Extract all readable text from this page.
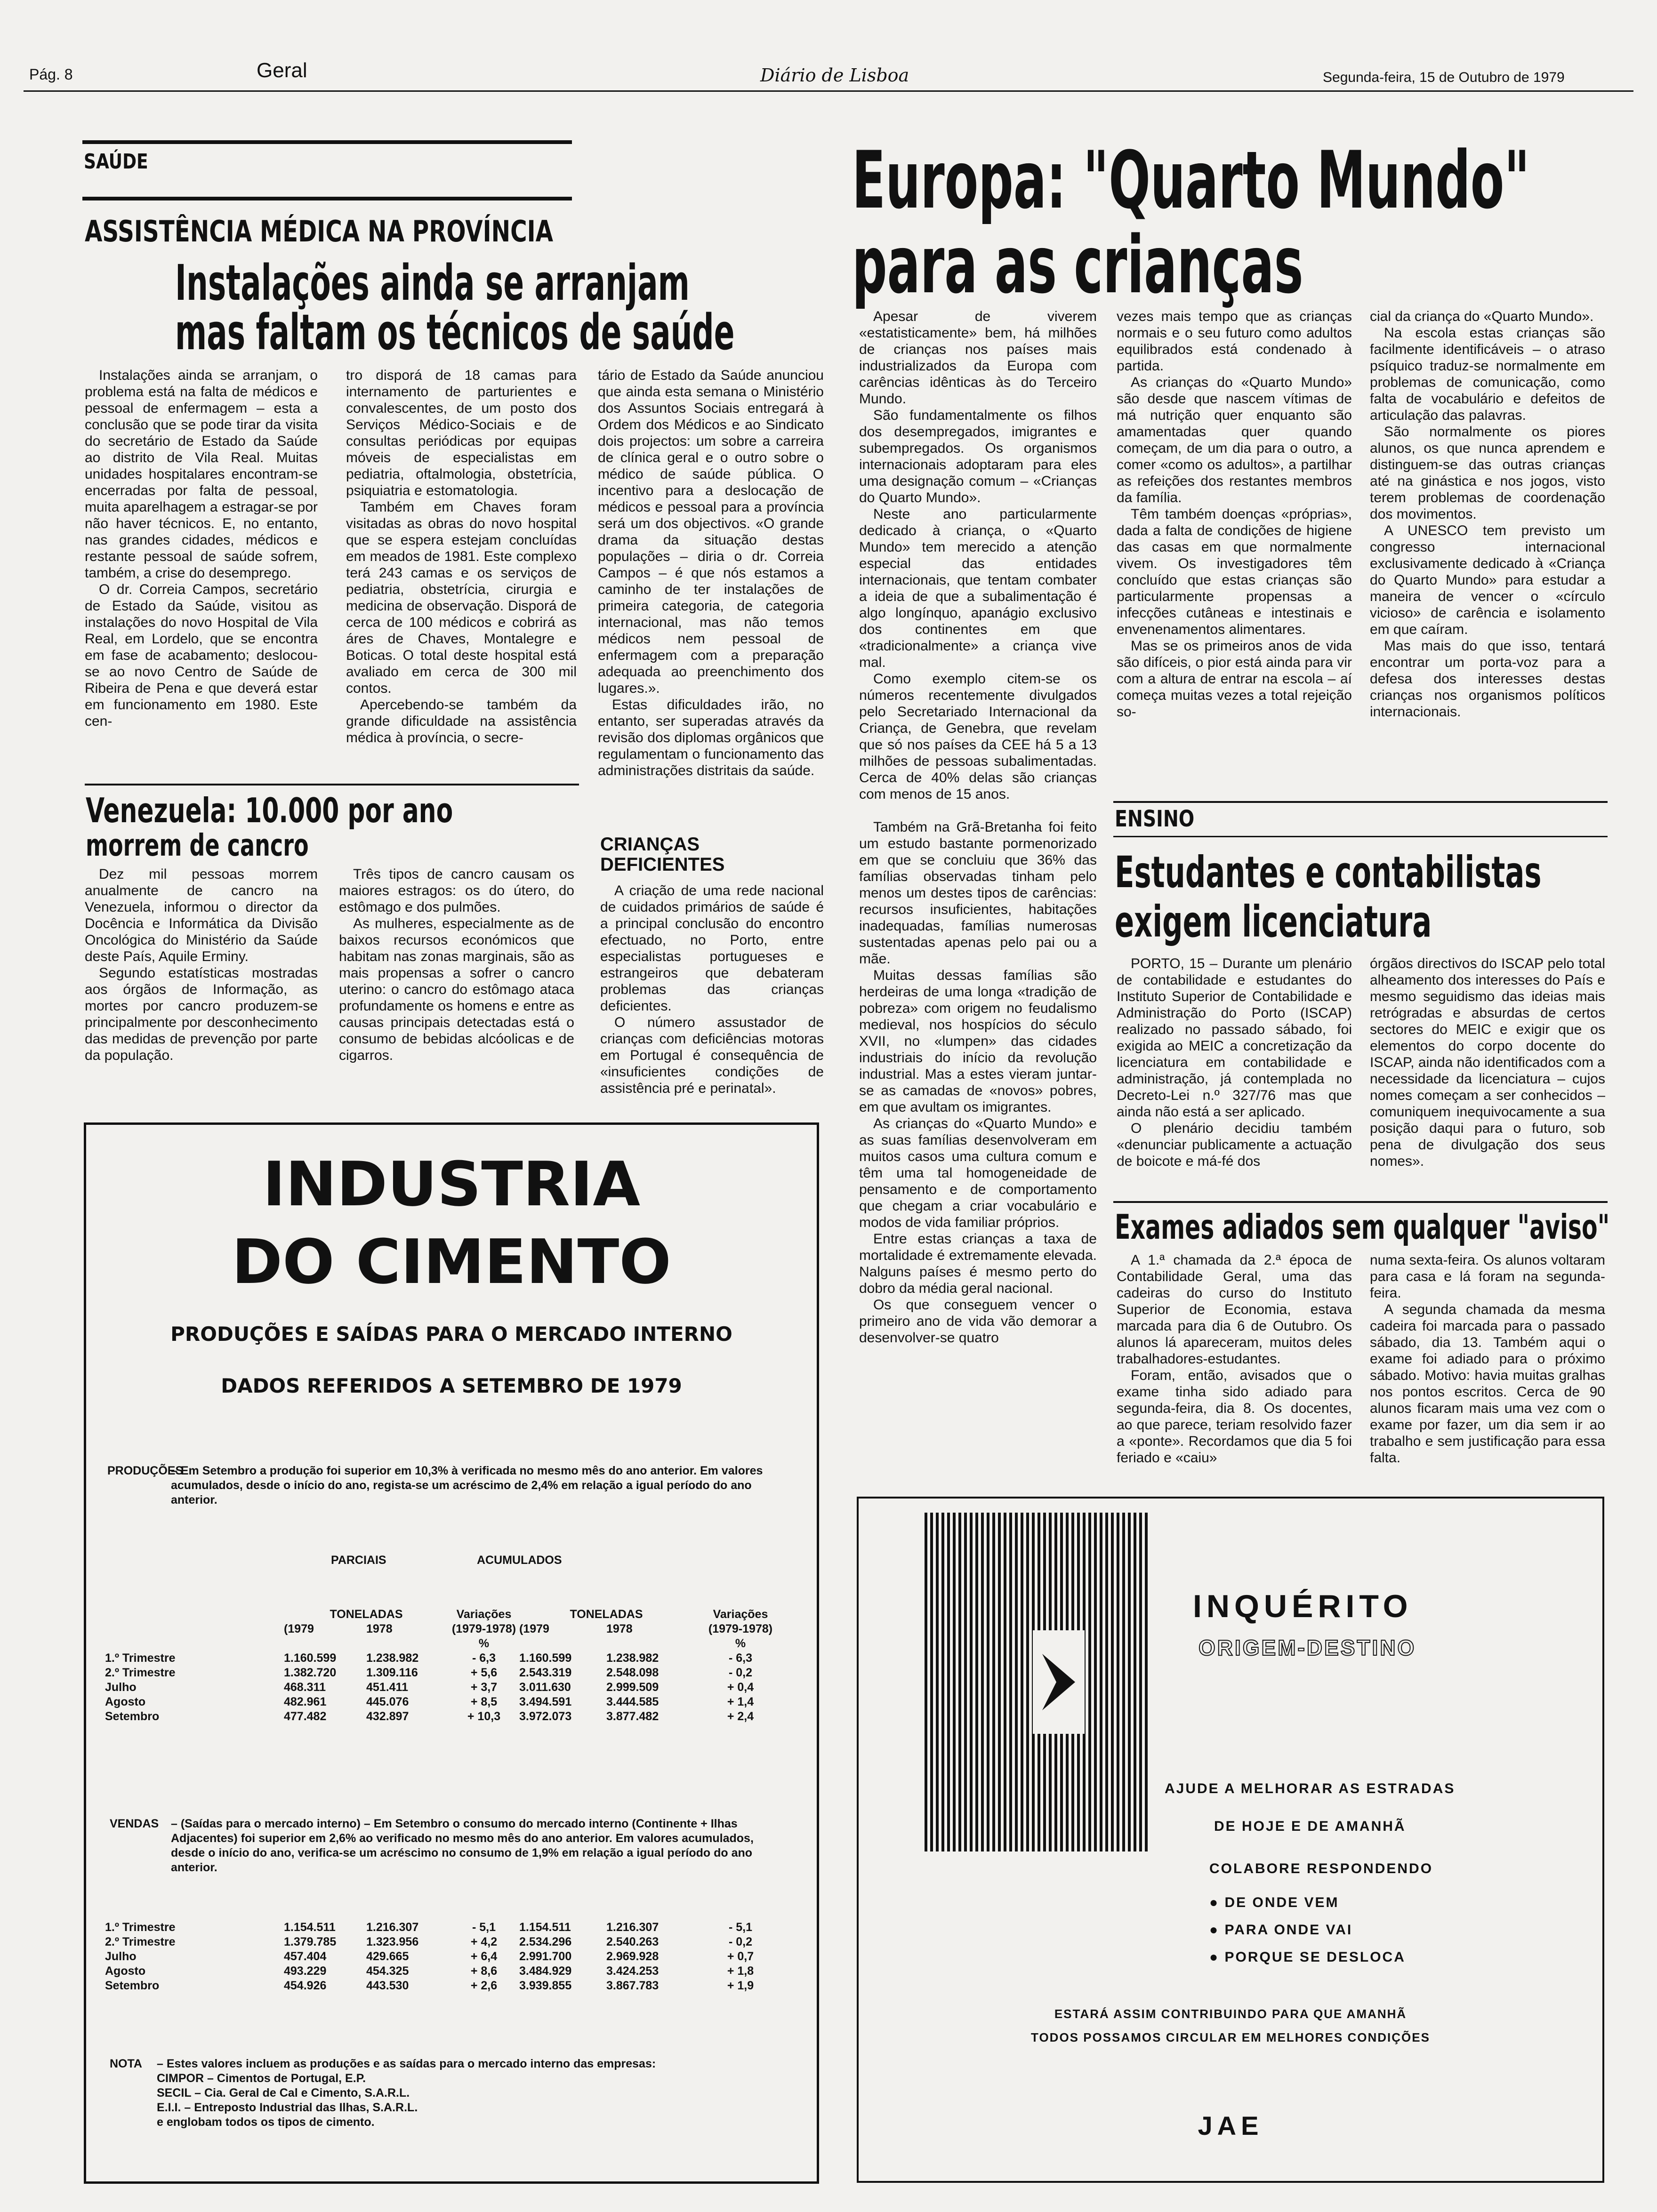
Pág. 8	Geral	Diário de Lisboa	Segunda-feira, 15 de Outubro de 1979
SAÚDE
ASSISTÊNCIA MÉDICA NA PROVÍNCIA
Instalações ainda se arranjam
mas faltam os técnicos de saúde

Instalações ainda se arranjam, o problema está na falta de médicos e pessoal de enfermagem – esta a conclusão que se pode tirar da visita do secretário de Estado da Saúde ao distrito de Vila Real. Muitas unidades hospitalares encontram-se encerradas por falta de pessoal, muita aparelhagem a estragar-se por não haver técnicos. E, no entanto, nas grandes cidades, médicos e restante pessoal de saúde sofrem, também, a crise do desemprego.

O dr. Correia Campos, secretário de Estado da Saúde, visitou as instalações do novo Hospital de Vila Real, em Lordelo, que se encontra em fase de acabamento; deslocou-se ao novo Centro de Saúde de Ribeira de Pena e que deverá estar em funcionamento em 1980. Este cen-

tro disporá de 18 camas para internamento de parturientes e convalescentes, de um posto dos Serviços Médico-Sociais e de consultas periódicas por equipas móveis de especialistas em pediatria, oftalmologia, obstetrícia, psiquiatria e estomatologia.

Também em Chaves foram visitadas as obras do novo hospital que se espera estejam concluídas em meados de 1981. Este complexo terá 243 camas e os serviços de pediatria, obstetrícia, cirurgia e medicina de observação. Disporá de cerca de 100 médicos e cobrirá as áres de Chaves, Montalegre e Boticas. O total deste hospital está avaliado em cerca de 300 mil contos.

Apercebendo-se também da grande dificuldade na assistência médica à província, o secre-

tário de Estado da Saúde anunciou que ainda esta semana o Ministério dos Assuntos Sociais entregará à Ordem dos Médicos e ao Sindicato dois projectos: um sobre a carreira de clínica geral e o outro sobre o médico de saúde pública. O incentivo para a deslocação de médicos e pessoal para a província será um dos objectivos. «O grande drama da situação destas populações – diria o dr. Correia Campos – é que nós estamos a caminho de ter instalações de primeira categoria, de categoria internacional, mas não temos médicos nem pessoal de enfermagem com a preparação adequada ao preenchimento dos lugares.».

Estas dificuldades irão, no entanto, ser superadas através da revisão dos diplomas orgânicos que regulamentam o funcionamento das administrações distritais da saúde.

Venezuela: 10.000 por ano
morrem de cancro

Dez mil pessoas morrem anualmente de cancro na Venezuela, informou o director da Docência e Informática da Divisão Oncológica do Ministério da Saúde deste País, Aquile Erminy.

Segundo estatísticas mostradas aos órgãos de Informação, as mortes por cancro produzem-se principalmente por desconhecimento das medidas de prevenção por parte da população.

Três tipos de cancro causam os maiores estragos: os do útero, do estômago e dos pulmões.

As mulheres, especialmente as de baixos recursos económicos que habitam nas zonas marginais, são as mais propensas a sofrer o cancro uterino: o cancro do estômago ataca profundamente os homens e entre as causas principais detectadas está o consumo de bebidas alcóolicas e de cigarros.

CRIANÇAS
DEFICIENTES

A criação de uma rede nacional de cuidados primários de saúde é a principal conclusão do encontro efectuado, no Porto, entre especialistas portugueses e estrangeiros que debateram problemas das crianças deficientes.

O número assustador de crianças com deficiências motoras em Portugal é consequência de «insuficientes condições de assistência pré e perinatal».

Europa: "Quarto Mundo"
para as crianças

Apesar de viverem «estatisticamente» bem, há milhões de crianças nos países mais industrializados da Europa com carências idênticas às do Terceiro Mundo.

São fundamentalmente os filhos dos desempregados, imigrantes e subempregados. Os organismos internacionais adoptaram para eles uma designação comum – «Crianças do Quarto Mundo».

Neste ano particularmente dedicado à criança, o «Quarto Mundo» tem merecido a atenção especial das entidades internacionais, que tentam combater a ideia de que a subalimentação é algo longínquo, apanágio exclusivo dos continentes em que «tradicionalmente» a criança vive mal.

Como exemplo citem-se os números recentemente divulgados pelo Secretariado Internacional da Criança, de Genebra, que revelam que só nos países da CEE há 5 a 13 milhões de pessoas subalimentadas. Cerca de 40% delas são crianças com menos de 15 anos.

Também na Grã-Bretanha foi feito um estudo bastante pormenorizado em que se concluiu que 36% das famílias observadas tinham pelo menos um destes tipos de carências: recursos insuficientes, habitações inadequadas, famílias numerosas sustentadas apenas pelo pai ou a mãe.

Muitas dessas famílias são herdeiras de uma longa «tradição de pobreza» com origem no feudalismo medieval, nos hospícios do século XVII, no «lumpen» das cidades industriais do início da revolução industrial. Mas a estes vieram juntar-se as camadas de «novos» pobres, em que avultam os imigrantes.

As crianças do «Quarto Mundo» e as suas famílias desenvolveram em muitos casos uma cultura comum e têm uma tal homogeneidade de pensamento e de comportamento que chegam a criar vocabulário e modos de vida familiar próprios.

Entre estas crianças a taxa de mortalidade é extremamente elevada. Nalguns países é mesmo perto do dobro da média geral nacional.

Os que conseguem vencer o primeiro ano de vida vão demorar a desenvolver-se quatro

vezes mais tempo que as crianças normais e o seu futuro como adultos equilibrados está condenado à partida.

As crianças do «Quarto Mundo» são desde que nascem vítimas de má nutrição quer enquanto são amamentadas quer quando começam, de um dia para o outro, a comer «como os adultos», a partilhar as refeições dos restantes membros da família.

Têm também doenças «próprias», dada a falta de condições de higiene das casas em que normalmente vivem. Os investigadores têm concluído que estas crianças são particularmente propensas a infecções cutâneas e intestinais e envenenamentos alimentares.

Mas se os primeiros anos de vida são difíceis, o pior está ainda para vir com a altura de entrar na escola – aí começa muitas vezes a total rejeição so-

cial da criança do «Quarto Mundo».

Na escola estas crianças são facilmente identificáveis – o atraso psíquico traduz-se normalmente em problemas de comunicação, como falta de vocabulário e defeitos de articulação das palavras.

São normalmente os piores alunos, os que nunca aprendem e distinguem-se das outras crianças até na ginástica e nos jogos, visto terem problemas de coordenação dos movimentos.

A UNESCO tem previsto um congresso internacional exclusivamente dedicado à «Criança do Quarto Mundo» para estudar a maneira de vencer o «círculo vicioso» de carência e isolamento em que caíram.

Mas mais do que isso, tentará encontrar um porta-voz para a defesa dos interesses destas crianças nos organismos políticos internacionais.

ENSINO
Estudantes e contabilistas
exigem licenciatura

PORTO, 15 – Durante um plenário de contabilidade e estudantes do Instituto Superior de Contabilidade e Administração do Porto (ISCAP) realizado no passado sábado, foi exigida ao MEIC a concretização da licenciatura em contabilidade e administração, já contemplada no Decreto-Lei n.º 327/76 mas que ainda não está a ser aplicado.

O plenário decidiu também «denunciar publicamente a actuação de boicote e má-fé dos

órgãos directivos do ISCAP pelo total alheamento dos interesses do País e mesmo seguidismo das ideias mais retrógradas e absurdas de certos sectores do MEIC e exigir que os elementos do corpo docente do ISCAP, ainda não identificados com a necessidade da licenciatura – cujos nomes começam a ser conhecidos – comuniquem inequivocamente a sua posição daqui para o futuro, sob pena de divulgação dos seus nomes».

Exames adiados sem qualquer "aviso"

A 1.ª chamada da 2.ª época de Contabilidade Geral, uma das cadeiras do curso do Instituto Superior de Economia, estava marcada para dia 6 de Outubro. Os alunos lá apareceram, muitos deles trabalhadores-estudantes.

Foram, então, avisados que o exame tinha sido adiado para segunda-feira, dia 8. Os docentes, ao que parece, teriam resolvido fazer a «ponte». Recordamos que dia 5 foi feriado e «caiu»

numa sexta-feira. Os alunos voltaram para casa e lá foram na segunda-feira.

A segunda chamada da mesma cadeira foi marcada para o passado sábado, dia 13. Também aqui o exame foi adiado para o próximo sábado. Motivo: havia muitas gralhas nos pontos escritos. Cerca de 90 alunos ficaram mais uma vez com o exame por fazer, um dia sem ir ao trabalho e sem justificação para essa falta.

INDUSTRIA
DO CIMENTO
PRODUÇÕES E SAÍDAS PARA O MERCADO INTERNO
DADOS REFERIDOS A SETEMBRO DE 1979
PRODUÇÕES
– Em Setembro a produção foi superior em 10,3% à verificada no mesmo mês do ano anterior. Em valores acumulados, desde o início do ano, regista-se um acréscimo de 2,4% em relação a igual período do ano anterior.
PARCIAIS	ACUMULADOS
TONELADAS	Variações	TONELADAS	Variações
(1979	1978	(1979-1978) (1979	1978	(1979-1978)
%	%
1.º Trimestre	1.160.599	1.238.982	- 6,3	1.160.599	1.238.982	- 6,3
2.º Trimestre	1.382.720	1.309.116	+ 5,6	2.543.319	2.548.098	- 0,2
Julho	468.311	451.411	+ 3,7	3.011.630	2.999.509	+ 0,4
Agosto	482.961	445.076	+ 8,5	3.494.591	3.444.585	+ 1,4
Setembro	477.482	432.897	+ 10,3	3.972.073	3.877.482	+ 2,4
VENDAS – (Saídas para o mercado interno) – Em Setembro o consumo do mercado interno (Continente + Ilhas Adjacentes) foi superior em 2,6% ao verificado no mesmo mês do ano anterior. Em valores acumulados, desde o início do ano, verifica-se um acréscimo no consumo de 1,9% em relação a igual período do ano anterior.
1.º Trimestre	1.154.511	1.216.307	- 5,1	1.154.511	1.216.307	- 5,1
2.º Trimestre	1.379.785	1.323.956	+ 4,2	2.534.296	2.540.263	- 0,2
Julho	457.404	429.665	+ 6,4	2.991.700	2.969.928	+ 0,7
Agosto	493.229	454.325	+ 8,6	3.484.929	3.424.253	+ 1,8
Setembro	454.926	443.530	+ 2,6	3.939.855	3.867.783	+ 1,9
NOTA – Estes valores incluem as produções e as saídas para o mercado interno das empresas:
CIMPOR – Cimentos de Portugal, E.P.
SECIL – Cia. Geral de Cal e Cimento, S.A.R.L.
E.I.I. – Entreposto Industrial das Ilhas, S.A.R.L.
e englobam todos os tipos de cimento.
INQUÉRITO
ORIGEM-DESTINO
AJUDE A MELHORAR AS ESTRADAS
DE HOJE E DE AMANHÃ
COLABORE RESPONDENDO
● DE ONDE VEM
● PARA ONDE VAI
● PORQUE SE DESLOCA
ESTARÁ ASSIM CONTRIBUINDO PARA QUE AMANHÃ
TODOS POSSAMOS CIRCULAR EM MELHORES CONDIÇÕES
JAE
